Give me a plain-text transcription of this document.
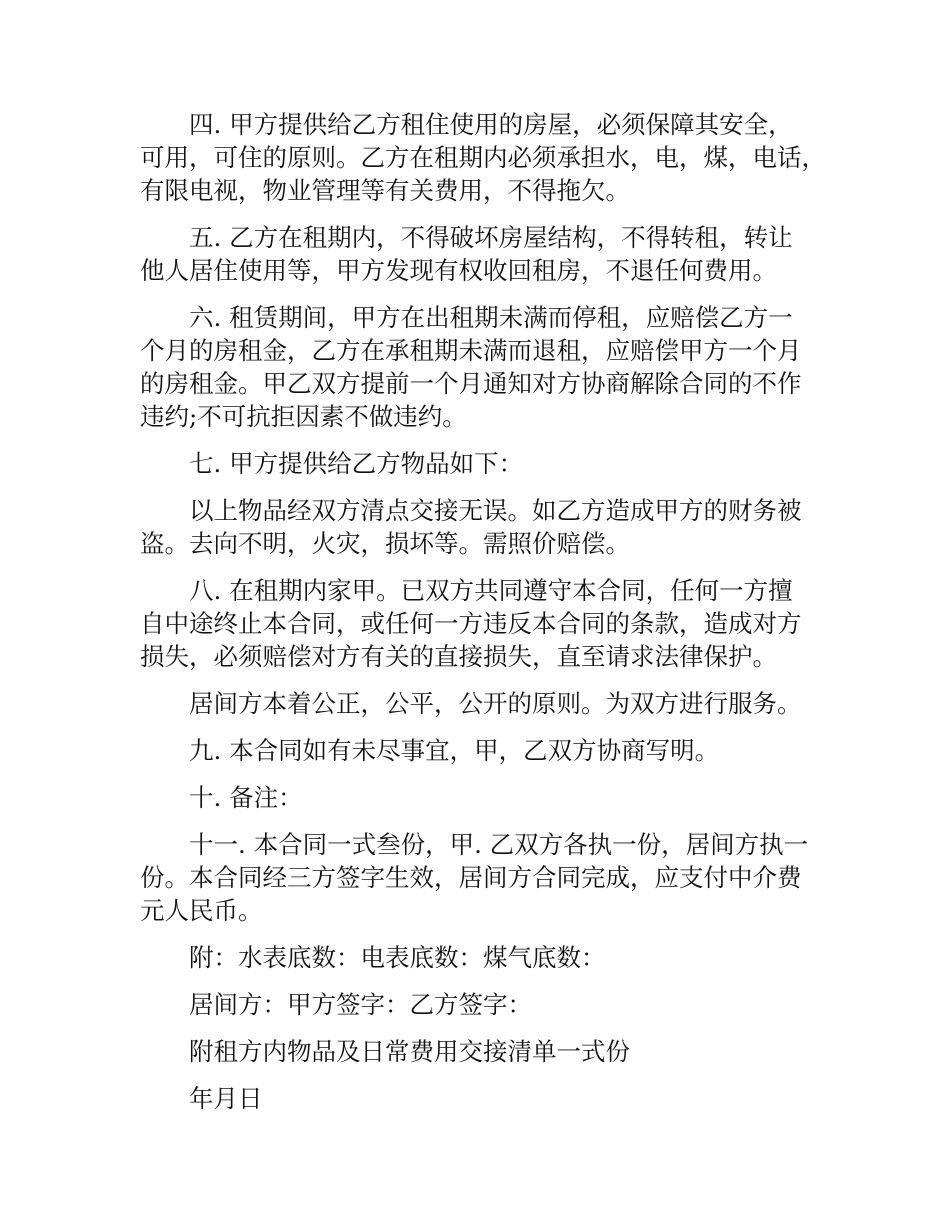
四. 甲方提供给乙方租住使用的房屋，必须保障其安全，
可用，可住的原则。乙方在租期内必须承担水，电，煤，电话，
有限电视，物业管理等有关费用，不得拖欠。

五. 乙方在租期内，不得破坏房屋结构，不得转租，转让
他人居住使用等，甲方发现有权收回租房，不退任何费用。

六. 租赁期间，甲方在出租期未满而停租，应赔偿乙方一
个月的房租金，乙方在承租期未满而退租，应赔偿甲方一个月
的房租金。甲乙双方提前一个月通知对方协商解除合同的不作
违约;不可抗拒因素不做违约。

七. 甲方提供给乙方物品如下：

以上物品经双方清点交接无误。如乙方造成甲方的财务被
盗。去向不明，火灾，损坏等。需照价赔偿。

八. 在租期内家甲。已双方共同遵守本合同，任何一方擅
自中途终止本合同，或任何一方违反本合同的条款，造成对方
损失，必须赔偿对方有关的直接损失，直至请求法律保护。

居间方本着公正，公平，公开的原则。为双方进行服务。

九. 本合同如有未尽事宜，甲，乙双方协商写明。

十. 备注：

十一. 本合同一式叁份，甲. 乙双方各执一份，居间方执一
份。本合同经三方签字生效，居间方合同完成，应支付中介费
元人民币。

附：水表底数：电表底数：煤气底数：

居间方：甲方签字：乙方签字：

附租方内物品及日常费用交接清单一式份

年月日
